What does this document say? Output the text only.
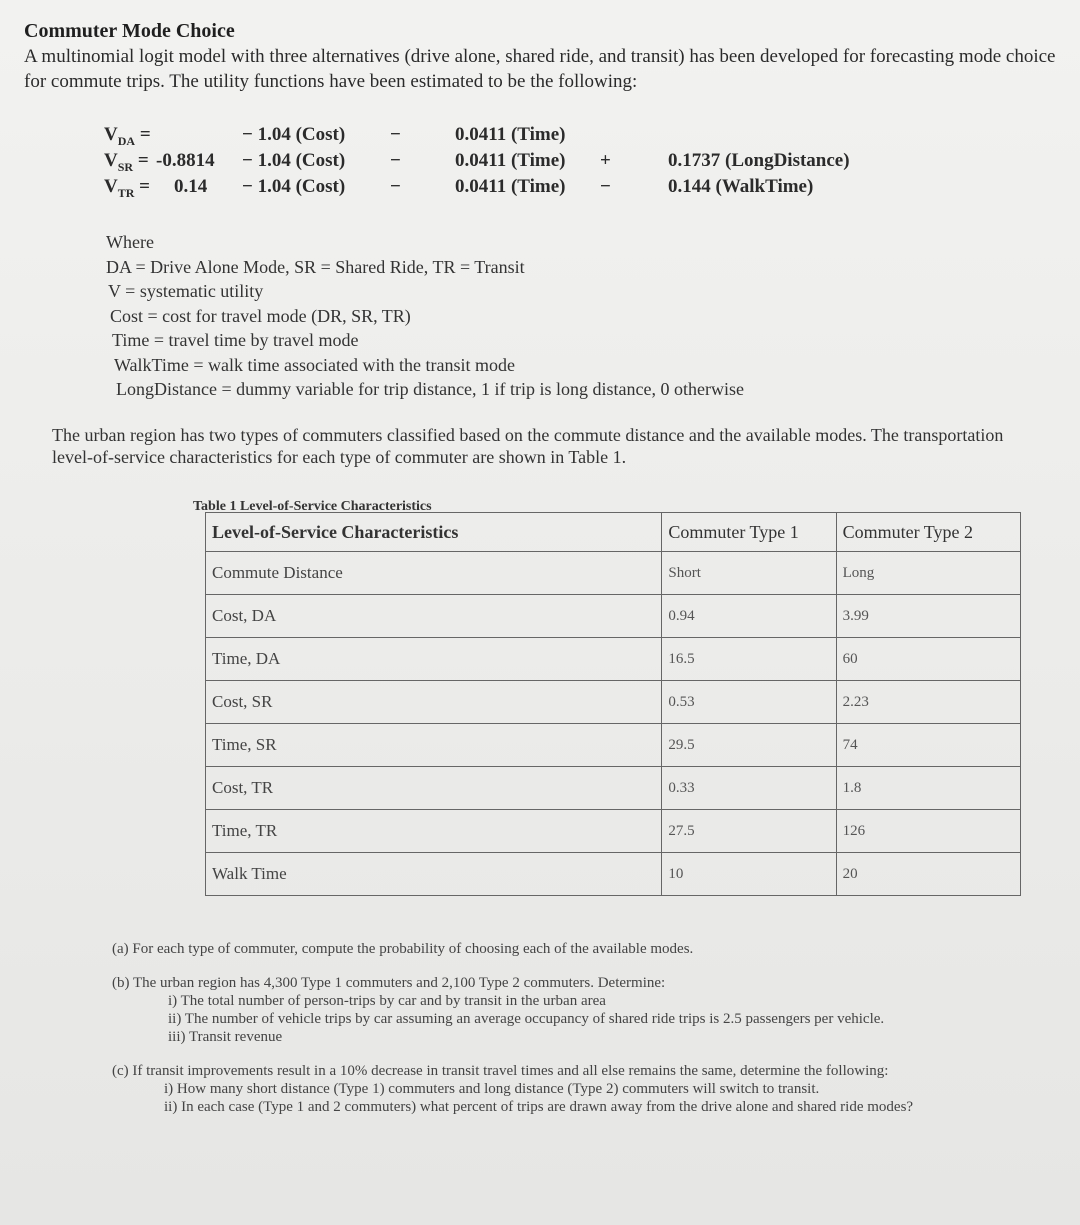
Commuter Mode Choice
A multinomial logit model with three alternatives (drive alone, shared ride, and transit) has been developed for forecasting mode choice for commute trips. The utility functions have been estimated to be the following:
$V_{DA}$ =	− 1.04 (Cost) −	0.0411 (Time)
$V_{SR} = -0.8814 - 1.04$ (Cost) −	0.0411 (Time) +	0.1737 (LongDistance)
$V_{TR} = 0.14 - 1.04$ (Cost) −	0.0411 (Time) −	0.144 (WalkTime)
Where
DA = Drive Alone Mode, SR = Shared Ride, TR = Transit
V = systematic utility
Cost = cost for travel mode (DR, SR, TR)
Time = travel time by travel mode
WalkTime = walk time associated with the transit mode
LongDistance = dummy variable for trip distance, 1 if trip is long distance, 0 otherwise
The urban region has two types of commuters classified based on the commute distance and the available modes. The transportation level-of-service characteristics for each type of commuter are shown in Table 1.
Table 1 Level-of-Service Characteristics
Level-of-Service Characteristics	Commuter Type 1	Commuter Type 2
Commute Distance	Short	Long
Cost, DA	0.94	3.99
Time, DA	16.5	60
Cost, SR	0.53	2.23
Time, SR	29.5	74
Cost, TR	0.33	1.8
Time, TR	27.5	126
Walk Time	10	20
(a) For each type of commuter, compute the probability of choosing each of the available modes.
(b) The urban region has 4,300 Type 1 commuters and 2,100 Type 2 commuters. Determine:
i) The total number of person-trips by car and by transit in the urban area
ii) The number of vehicle trips by car assuming an average occupancy of shared ride trips is 2.5 passengers per vehicle.
iii) Transit revenue
(c) If transit improvements result in a 10% decrease in transit travel times and all else remains the same, determine the following:
i) How many short distance (Type 1) commuters and long distance (Type 2) commuters will switch to transit.
ii) In each case (Type 1 and 2 commuters) what percent of trips are drawn away from the drive alone and shared ride modes?
